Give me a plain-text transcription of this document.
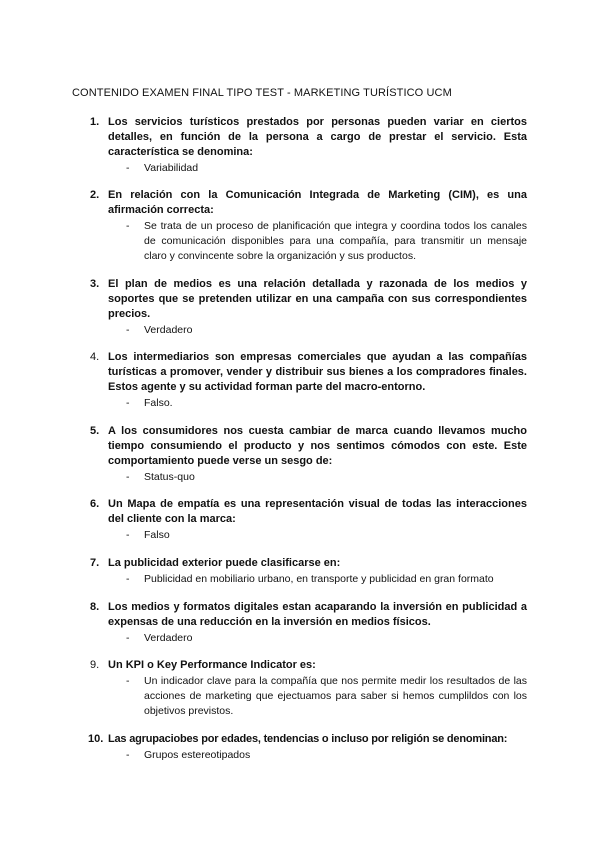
CONTENIDO EXAMEN FINAL TIPO TEST - MARKETING TURÍSTICO UCM
1. Los servicios turísticos prestados por personas pueden variar en ciertos detalles, en función de la persona a cargo de prestar el servicio. Esta característica se denomina:
- Variabilidad
2. En relación con la Comunicación Integrada de Marketing (CIM), es una afirmación correcta:
- Se trata de un proceso de planificación que integra y coordina todos los canales de comunicación disponibles para una compañía, para transmitir un mensaje claro y convincente sobre la organización y sus productos.
3. El plan de medios es una relación detallada y razonada de los medios y soportes que se pretenden utilizar en una campaña con sus correspondientes precios.
- Verdadero
4. Los intermediarios son empresas comerciales que ayudan a las compañías turísticas a promover, vender y distribuir sus bienes a los compradores finales. Estos agente y su actividad forman parte del macro-entorno.
- Falso.
5. A los consumidores nos cuesta cambiar de marca cuando llevamos mucho tiempo consumiendo el producto y nos sentimos cómodos con este. Este comportamiento puede verse un sesgo de:
- Status-quo
6. Un Mapa de empatía es una representación visual de todas las interacciones del cliente con la marca:
- Falso
7. La publicidad exterior puede clasificarse en:
- Publicidad en mobiliario urbano, en transporte y publicidad en gran formato
8. Los medios y formatos digitales estan acaparando la inversión en publicidad a expensas de una reducción en la inversión en medios físicos.
- Verdadero
9. Un KPI o Key Performance Indicator es:
- Un indicador clave para la compañía que nos permite medir los resultados de las acciones de marketing que ejectuamos para saber si hemos cumplildos con los objetivos previstos.
10. Las agrupaciobes por edades, tendencias o incluso por religión se denominan:
- Grupos estereotipados
